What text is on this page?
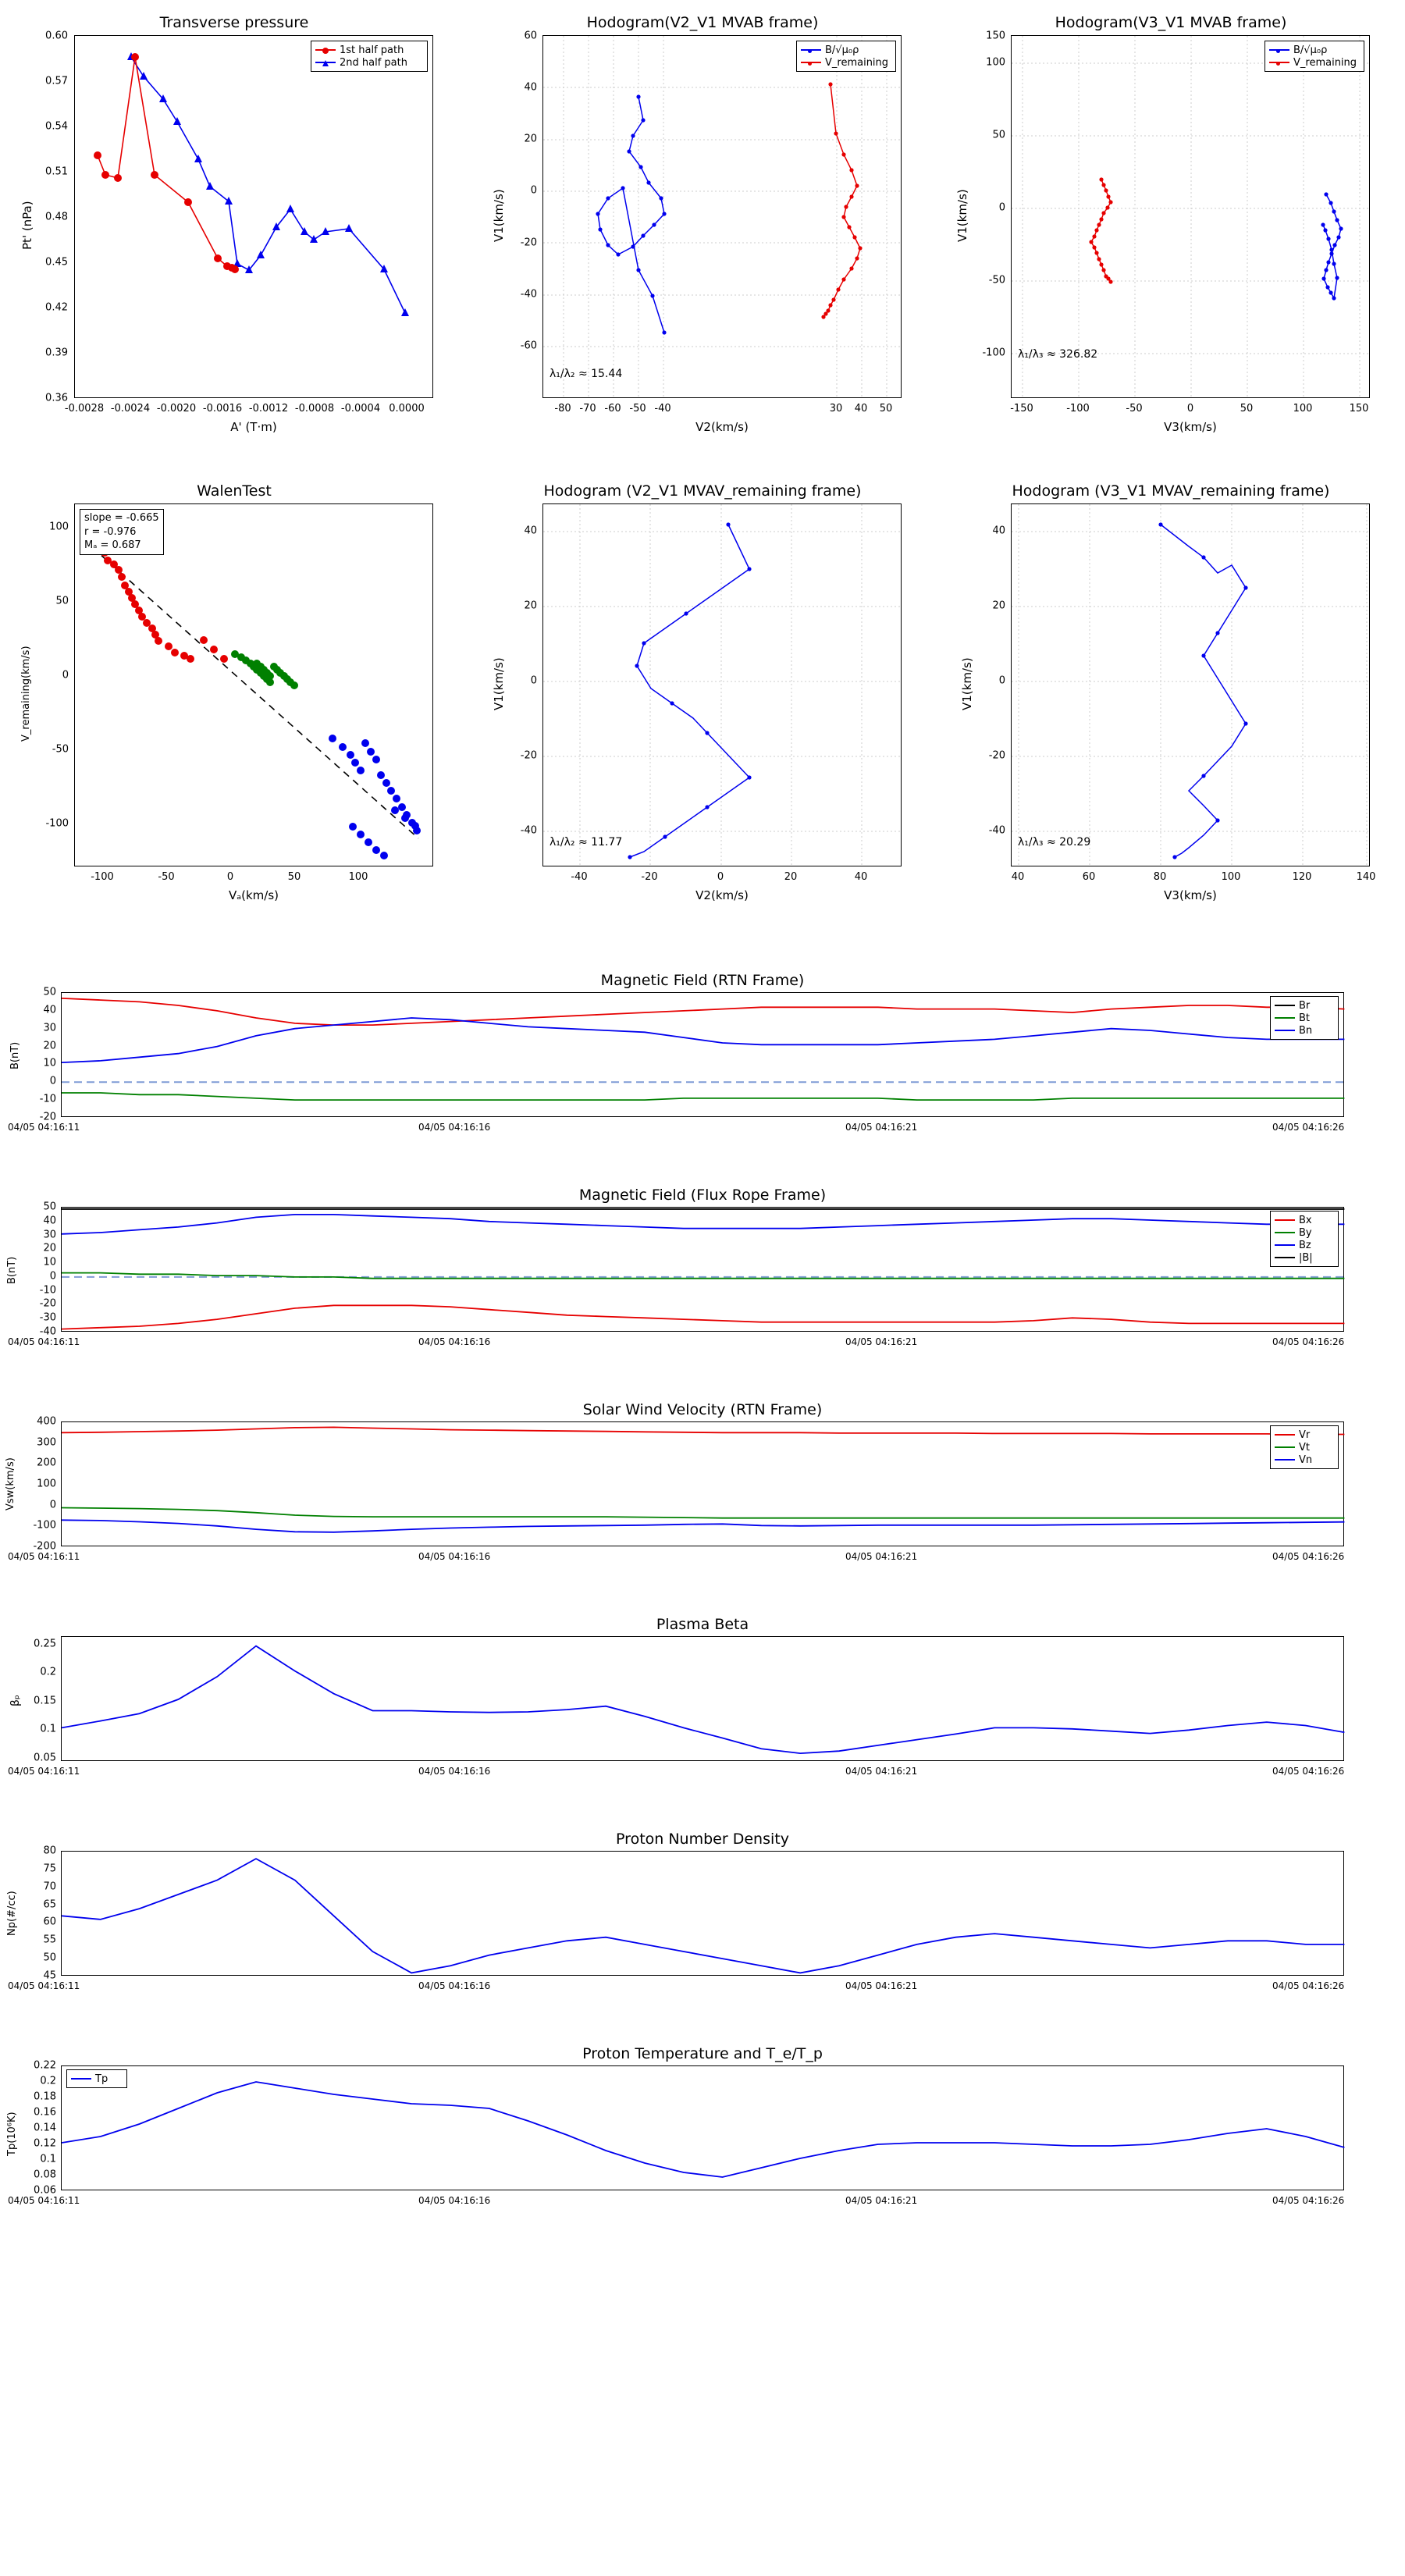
Transverse pressure
1st half path
2nd half path
0.36
0.39
0.42
0.45
0.48
0.51
0.54
0.57
0.60
-0.0028 -0.0024 -0.0020 -0.0016 -0.0012 -0.0008 -0.0004 0.0000
A' (T·m)
Pt' (nPa)
Hodogram(V2_V1 MVAB frame)
B/√μ₀ρ
V_remaining
λ₁/λ₂ ≈ 15.44
-60
-40
-20
0
20
40
60
-80 -70 -60 -50 -40	30 40 50
V2(km/s)
V1(km/s)
Hodogram(V3_V1 MVAB frame)
B/√μ₀ρ
V_remaining
λ₁/λ₃ ≈ 326.82
-100
-50
0
50
100
150
-150	-100	-50	0	50	100	150
V3(km/s)
V1(km/s)
WalenTest
slope = -0.665
r = -0.976
Mₐ = 0.687
-100
-50
0
50
100
-100	-50	0	50	100
Vₐ(km/s)
V_remaining(km/s)
Hodogram (V2_V1 MVAV_remaining frame)
λ₁/λ₂ ≈ 11.77
-40
-20
0
20
40
-40	-20	0	20	40
V2(km/s)
V1(km/s)
Hodogram (V3_V1 MVAV_remaining frame)
λ₁/λ₃ ≈ 20.29
-40
-20
0
20
40
40	60	80	100	120	140
V3(km/s)
V1(km/s)
Magnetic Field (RTN Frame)
Br
Bt
Bn
50
40
30
20
10
0
-10
-20
B(nT)
04/05 04:16:11	04/05 04:16:16	04/05 04:16:21	04/05 04:16:26
Magnetic Field (Flux Rope Frame)
Bx
By
Bz
|B|
50
40
30
20
10
0
-10
-20
-30
-40
B(nT)
04/05 04:16:11	04/05 04:16:16	04/05 04:16:21	04/05 04:16:26
Solar Wind Velocity (RTN Frame)
Vr
Vt
Vn
400
300
200
100
0
-100
-200
Vsw(km/s)
04/05 04:16:11	04/05 04:16:16	04/05 04:16:21	04/05 04:16:26
Plasma Beta
0.25
0.2
0.15
0.1
0.05
βₚ
04/05 04:16:11	04/05 04:16:16	04/05 04:16:21	04/05 04:16:26
Proton Number Density
80
75
70
65
60
55
50
45
Np(#/cc)
04/05 04:16:11	04/05 04:16:16	04/05 04:16:21	04/05 04:16:26
Proton Temperature and T_e/T_p
Tp
0.22
0.2
0.18
0.16
0.14
0.12
0.1
0.08
0.06
Tp(10⁶K)
04/05 04:16:11	04/05 04:16:16	04/05 04:16:21	04/05 04:16:26
